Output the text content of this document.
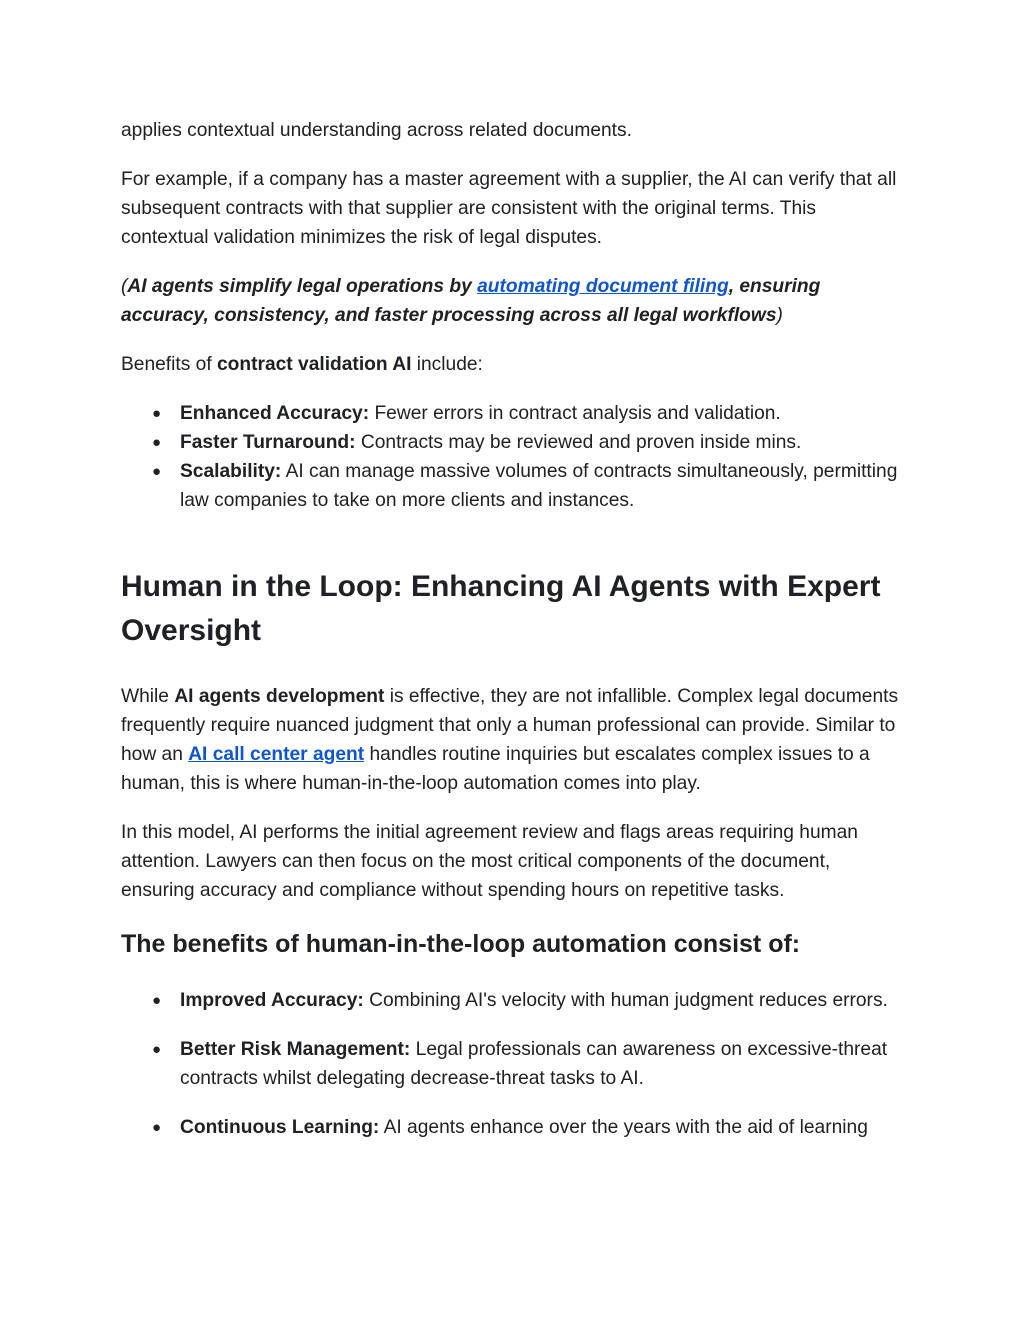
applies contextual understanding across related documents.

For example, if a company has a master agreement with a supplier, the AI can verify that all subsequent contracts with that supplier are consistent with the original terms. This contextual validation minimizes the risk of legal disputes.

(AI agents simplify legal operations by automating document filing, ensuring accuracy, consistency, and faster processing across all legal workflows)

Benefits of contract validation AI include:

● Enhanced Accuracy: Fewer errors in contract analysis and validation.
● Faster Turnaround: Contracts may be reviewed and proven inside mins.
● Scalability: AI can manage massive volumes of contracts simultaneously, permitting law companies to take on more clients and instances.
Human in the Loop: Enhancing AI Agents with Expert Oversight

While AI agents development is effective, they are not infallible. Complex legal documents frequently require nuanced judgment that only a human professional can provide. Similar to how an AI call center agent handles routine inquiries but escalates complex issues to a human, this is where human-in-the-loop automation comes into play.

In this model, AI performs the initial agreement review and flags areas requiring human attention. Lawyers can then focus on the most critical components of the document, ensuring accuracy and compliance without spending hours on repetitive tasks.

The benefits of human-in-the-loop automation consist of:
● Improved Accuracy: Combining AI's velocity with human judgment reduces errors.
● Better Risk Management: Legal professionals can awareness on excessive-threat contracts whilst delegating decrease-threat tasks to AI.
● Continuous Learning: AI agents enhance over the years with the aid of learning
